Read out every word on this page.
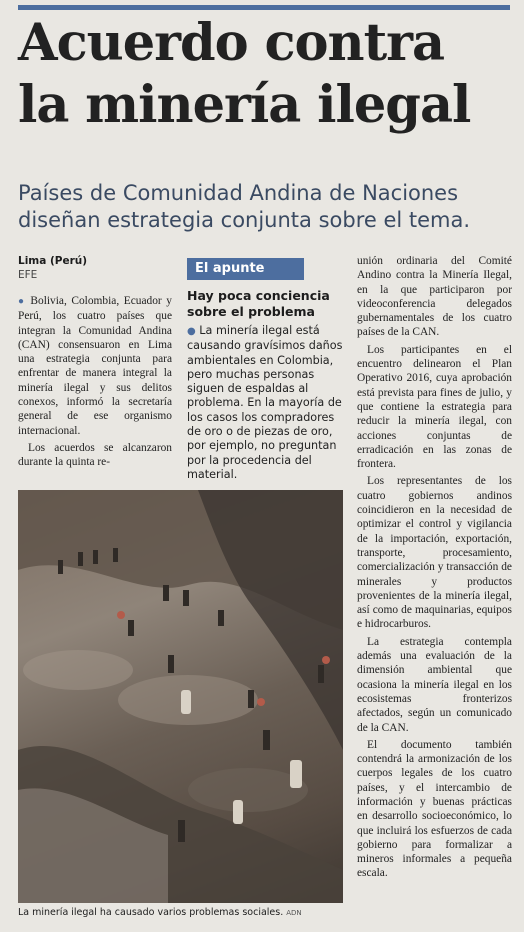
Acuerdo contra
la minería ilegal
Países de Comunidad Andina de Naciones diseñan estrategia conjunta sobre el tema.
Lima (Perú)
EFE

● Bolivia, Colombia, Ecuador y Perú, los cuatro países que integran la Comunidad Andina (CAN) consensuaron en Lima una estrategia conjunta para enfrentar de manera integral la minería ilegal y sus delitos conexos, informó la secretaría general de ese organismo internacional.

Los acuerdos se alcanzaron durante la quinta re-

El apunte
Hay poca conciencia sobre el problema
● La minería ilegal está causando gravísimos daños ambientales en Colombia, pero muchas personas siguen de espaldas al problema. En la mayoría de los casos los compradores de oro o de piezas de oro, por ejemplo, no preguntan por la procedencia del material.

unión ordinaria del Comité Andino contra la Minería Ilegal, en la que participaron por videoconferencia delegados gubernamentales de los cuatro países de la CAN.

Los participantes en el encuentro delinearon el Plan Operativo 2016, cuya aprobación está prevista para fines de julio, y que contiene la estrategia para reducir la minería ilegal, con acciones conjuntas de erradicación en las zonas de frontera.

Los representantes de los cuatro gobiernos andinos coincidieron en la necesidad de optimizar el control y vigilancia de la importación, exportación, transporte, procesamiento, comercialización y transacción de minerales y productos provenientes de la minería ilegal, así como de maquinarias, equipos e hidrocarburos.

La estrategia contempla además una evaluación de la dimensión ambiental que ocasiona la minería ilegal en los ecosistemas fronterizos afectados, según un comunicado de la CAN.

El documento también contendrá la armonización de los cuerpos legales de los cuatro países, y el intercambio de información y buenas prácticas en desarrollo socioeconómico, lo que incluirá los esfuerzos de cada gobierno para formalizar a mineros informales a pequeña escala.

La minería ilegal ha causado varios problemas sociales. ADN
